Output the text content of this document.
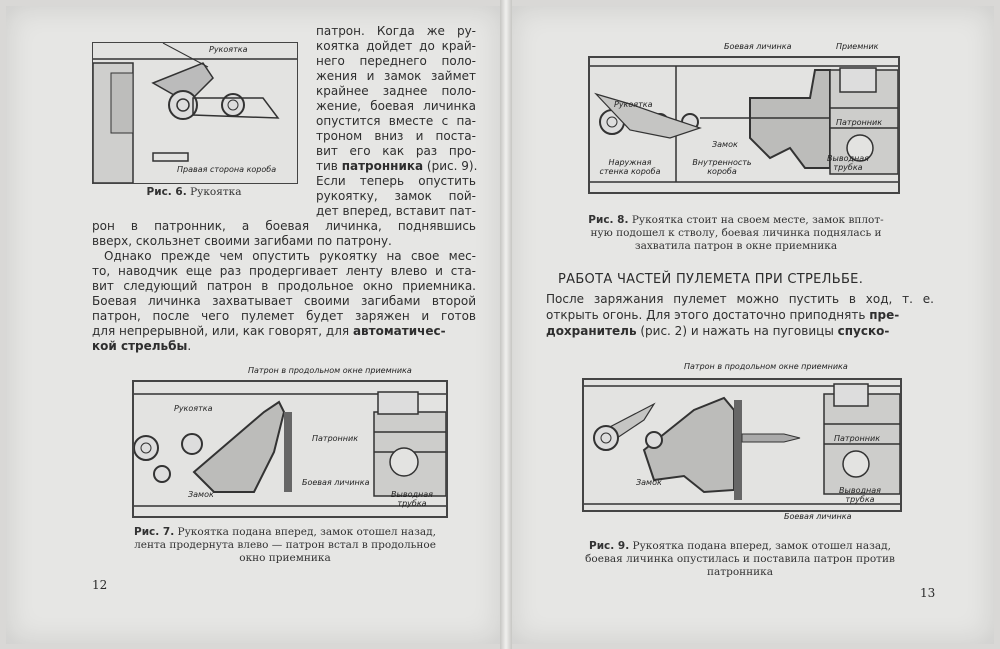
Рукоятка
Правая сторона короба
Рис. 6. Рукоятка
патрон. Когда же ру-
коятка дойдет до край-
него переднего поло-
жения и замок займет
крайнее заднее поло-
жение, боевая личинка
опустится вместе с па-
троном вниз и постa-
вит его как раз про-
тив патронника (рис. 9).
Если теперь опустить
рукоятку, замок пой-
дет вперед, вставит пат-
рон в патронник, а боевая личинка, поднявшись
вверх, скользнет своими загибами по патрону.
Однако прежде чем опустить рукоятку на свое мес-
то, наводчик еще раз продергивает ленту влево и ста-
вит следующий патрон в продольное окно приемника.
Боевая личинка захватывает своими загибами второй
патрон, после чего пулемет будет заряжен и готов
для непрерывной, или, как говорят, для автоматичес-
кой стрельбы.
Патрон в продольном окне приемника
Рукоятка
Патронник
Замок
Боевая личинка
Выводная трубка
Рис. 7. Рукоятка подана вперед, замок отошел назад,
лента продернута влево — патрон встал в продольное
окно приемника
12
Боевая личинка	Приемник
Рукоятка
Патронник
Замок
Наружная стенка короба
Внутренность короба
Выводная трубка
Рис. 8. Рукоятка стоит на своем месте, замок вплот-
ную подошел к стволу, боевая личинка поднялась и
захватила патрон в окне приемника
РАБОТА ЧАСТЕЙ ПУЛЕМЕТА ПРИ СТРЕЛЬБЕ.
После заряжания пулемет можно пустить в ход, т. е.
открыть огонь. Для этого достаточно приподнять пре-
дохранитель (рис. 2) и нажать на пуговицы спуско-
Патрон в продольном окне приемника
Патронник
Замок
Выводная трубка
Боевая личинка
Рис. 9. Рукоятка подана вперед, замок отошел назад,
боевая личинка опустилась и поставила патрон против
патронника
13
